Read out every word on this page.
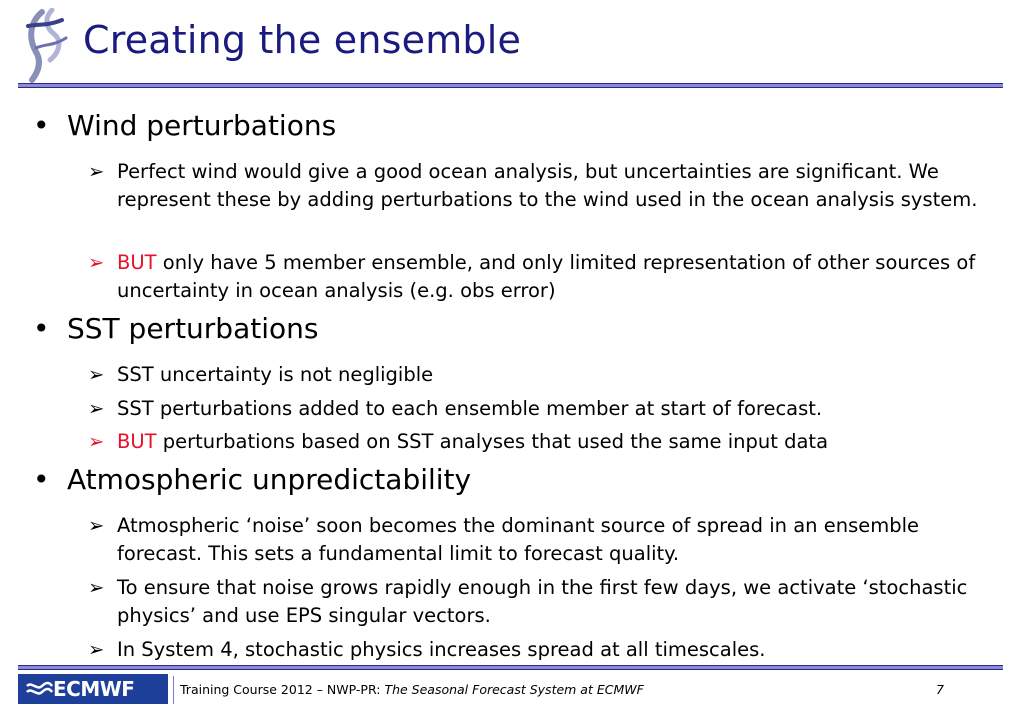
Creating the ensemble
• Wind perturbations
➢ Perfect wind would give a good ocean analysis, but uncertainties are significant. We represent these by adding perturbations to the wind used in the ocean analysis system.
➢ BUT only have 5 member ensemble, and only limited representation of other sources of uncertainty in ocean analysis (e.g. obs error)
• SST perturbations
➢ SST uncertainty is not negligible
➢ SST perturbations added to each ensemble member at start of forecast.
➢ BUT perturbations based on SST analyses that used the same input data
• Atmospheric unpredictability
➢ Atmospheric ‘noise’ soon becomes the dominant source of spread in an ensemble forecast. This sets a fundamental limit to forecast quality.
➢ To ensure that noise grows rapidly enough in the first few days, we activate ‘stochastic physics’ and use EPS singular vectors.
➢ In System 4, stochastic physics increases spread at all timescales.
ECMWF	Training Course 2012 – NWP-PR: The Seasonal Forecast System at ECMWF	7
